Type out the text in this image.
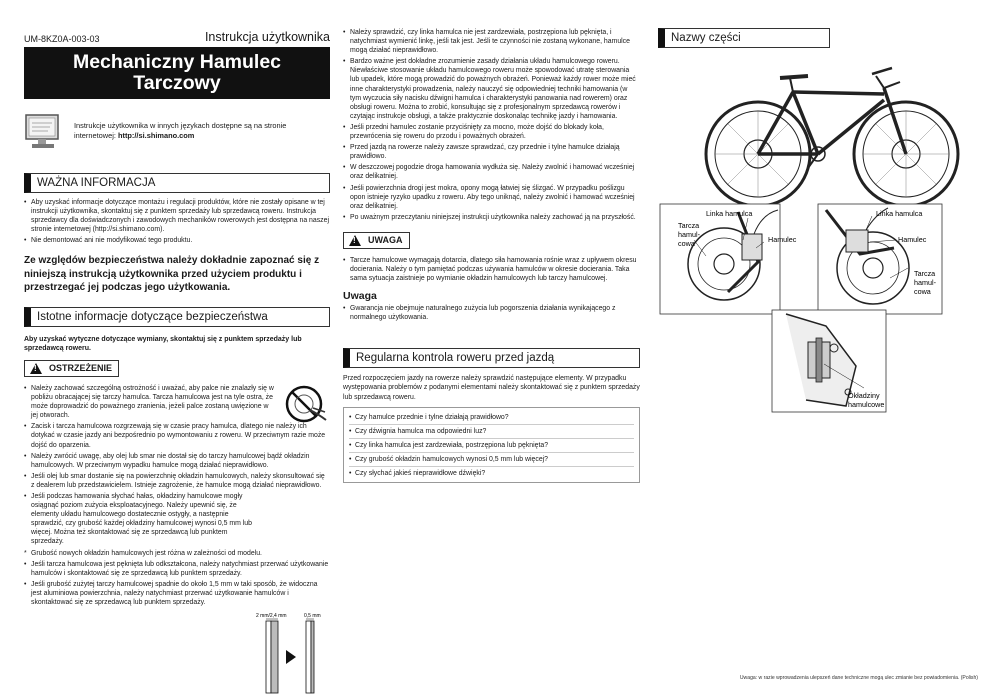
UM-8KZ0A-003-03	Instrukcja użytkownika
Mechaniczny Hamulec
Tarczowy
Instrukcje użytkownika w innych językach dostępne są na stronie internetowej: http://si.shimano.com
WAŻNA INFORMACJA
• Aby uzyskać informacje dotyczące montażu i regulacji produktów, które nie zostały opisane w tej instrukcji użytkownika, skontaktuj się z punktem sprzedaży lub sprzedawcą roweru. Instrukcja sprzedawcy dla doświadczonych i zawodowych mechaników rowerowych jest dostępna na naszej stronie internetowej (http://si.shimano.com).
• Nie demontować ani nie modyfikować tego produktu.
Ze względów bezpieczeństwa należy dokładnie zapoznać się z niniejszą instrukcją użytkownika przed użyciem produktu i przestrzegać jej podczas jego użytkowania.
Istotne informacje dotyczące bezpieczeństwa
Aby uzyskać wytyczne dotyczące wymiany, skontaktuj się z punktem sprzedaży lub sprzedawcą roweru.
! OSTRZEŻENIE
• Należy zachować szczególną ostrożność i uważać, aby palce nie znalazły się w pobliżu obracającej się tarczy hamulca. Tarcza hamulcowa jest na tyle ostra, że może doprowadzić do poważnego zranienia, jeżeli palce zostaną uwięzione w jej otworach.
• Zacisk i tarcza hamulcowa rozgrzewają się w czasie pracy hamulca, dlatego nie należy ich dotykać w czasie jazdy ani bezpośrednio po wymontowaniu z roweru. W przeciwnym razie może dojść do oparzenia.
• Należy zwrócić uwagę, aby olej lub smar nie dostał się do tarczy hamulcowej bądź okładzin hamulcowych. W przeciwnym wypadku hamulce mogą działać nieprawidłowo.
• Jeśli olej lub smar dostanie się na powierzchnię okładzin hamulcowych, należy skonsultować się z dealerem lub przedstawicielem. Istnieje zagrożenie, że hamulce mogą działać nieprawidłowo.
• Jeśli podczas hamowania słychać hałas, okładziny hamulcowe mogły osiągnąć poziom zużycia eksploatacyjnego. Należy upewnić się, że elementy układu hamulcowego dostatecznie ostygły, a następnie sprawdzić, czy grubość każdej okładziny hamulcowej wynosi 0,5 mm lub więcej. Można też skontaktować się ze sprzedawcą lub punktem sprzedaży.
2 mm/2,4 mm	0,5 mm
* Grubość nowych okładzin hamulcowych jest różna w zależności od modelu.
• Jeśli tarcza hamulcowa jest pęknięta lub odkształcona, należy natychmiast przerwać użytkowanie hamulców i skontaktować się ze sprzedawcą lub punktem sprzedaży.
• Jeśli grubość zużytej tarczy hamulcowej spadnie do około 1,5 mm w taki sposób, że widoczna jest aluminiowa powierzchnia, należy natychmiast przerwać użytkowanie hamulców i skontaktować się ze sprzedawcą lub punktem sprzedaży.
• Należy sprawdzić, czy linka hamulca nie jest zardzewiała, postrzępiona lub pęknięta, i natychmiast wymienić linkę, jeśli tak jest. Jeśli te czynności nie zostaną wykonane, hamulce mogą działać nieprawidłowo.
• Bardzo ważne jest dokładne zrozumienie zasady działania układu hamulcowego roweru. Niewłaściwe stosowanie układu hamulcowego roweru może spowodować utratę sterowania lub upadek, które mogą prowadzić do poważnych obrażeń. Ponieważ każdy rower może mieć inne charakterystyki prowadzenia, należy nauczyć się odpowiedniej techniki hamowania (w tym wyczucia siły nacisku dźwigni hamulca i charakterystyki panowania nad rowerem) oraz obsługi roweru. Można to zrobić, konsultując się z profesjonalnym sprzedawcą rowerów i czytając instrukcje obsługi, a także praktycznie doskonaląc technikę jazdy i hamowania.
• Jeśli przedni hamulec zostanie przyciśnięty za mocno, może dojść do blokady koła, przewrócenia się roweru do przodu i poważnych obrażeń.
• Przed jazdą na rowerze należy zawsze sprawdzać, czy przednie i tylne hamulce działają prawidłowo.
• W deszczowej pogodzie droga hamowania wydłuża się. Należy zwolnić i hamować wcześniej oraz delikatniej.
• Jeśli powierzchnia drogi jest mokra, opony mogą łatwiej się ślizgać. W przypadku poślizgu opon istnieje ryzyko upadku z roweru. Aby tego uniknąć, należy zwolnić i hamować wcześniej oraz delikatniej.
• Po uważnym przeczytaniu niniejszej instrukcji użytkownika należy zachować ją na przyszłość.
! UWAGA
• Tarcze hamulcowe wymagają dotarcia, dlatego siła hamowania rośnie wraz z upływem okresu docierania. Należy o tym pamiętać podczas używania hamulców w okresie docierania. Taka sama sytuacja zaistnieje po wymianie okładzin hamulcowych lub tarczy hamulcowej.
Uwaga
• Gwarancja nie obejmuje naturalnego zużycia lub pogorszenia działania wynikającego z normalnego użytkowania.
Regularna kontrola roweru przed jazdą
Przed rozpoczęciem jazdy na rowerze należy sprawdzić następujące elementy. W przypadku występowania problemów z podanymi elementami należy skontaktować się z punktem sprzedaży lub sprzedawcą roweru.
• Czy hamulce przednie i tylne działają prawidłowo?
• Czy dźwignia hamulca ma odpowiedni luz?
• Czy linka hamulca jest zardzewiała, postrzępiona lub pęknięta?
• Czy grubość okładzin hamulcowych wynosi 0,5 mm lub więcej?
• Czy słychać jakieś nieprawidłowe dźwięki?
Nazwy części
Linka hamulca
Tarcza
hamul-
cowa	Hamulec
Linka hamulca
Hamulec
Tarcza
hamul-
cowa
Okładziny
hamulcowe
Uwaga: w razie wprowadzenia ulepszeń dane techniczne mogą ulec zmianie bez powiadomienia. (Polish)
